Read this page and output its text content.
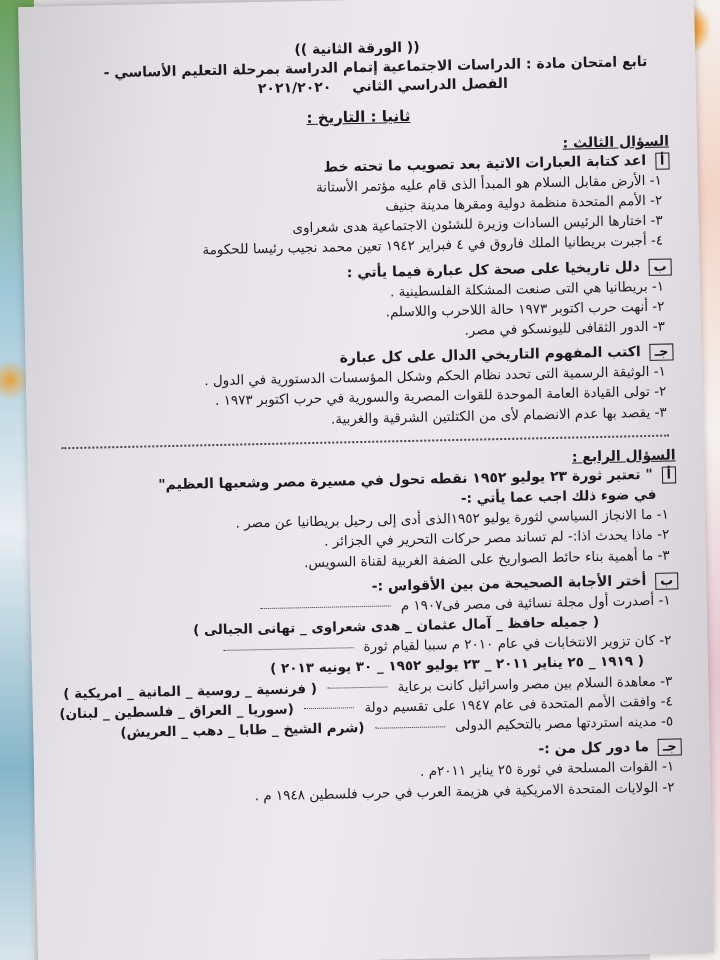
(( الورقة الثانية ))
تابع امتحان مادة : الدراسات الاجتماعية إتمام الدراسة بمرحلة التعليم الأساسي -
الفصل الدراسي الثاني ٢٠٢١/٢٠٢٠
ثانيا : التاريخ :
السؤال الثالث :
أ اعد كتابة العبارات الاتية بعد تصويب ما تحته خط
١- الأرض مقابل السلام هو المبدأ الذى قام عليه مؤتمر الأستانة
٢- الأمم المتحدة منظمة دولية ومقرها مدينة جنيف
٣- اختارها الرئيس السادات وزيرة للشئون الاجتماعية هدى شعراوى
٤- أجبرت بريطانيا الملك فاروق في ٤ فبراير ١٩٤٢ تعين محمد نجيب رئيسا للحكومة
ب دلل تاريخيا على صحة كل عبارة فيما يأتي :
١- بريطانيا هي التى صنعت المشكلة الفلسطينية .
٢- أنهت حرب اكتوبر ١٩٧٣ حالة اللاحرب واللاسلم.
٣- الدور الثقافى لليونسكو في مصر.
جـ اكتب المفهوم التاريخي الدال على كل عبارة
١- الوثيقة الرسمية التى تحدد نظام الحكم وشكل المؤسسات الدستورية في الدول .
٢- تولى القيادة العامة الموحدة للقوات المصرية والسورية في حرب اكتوبر ١٩٧٣ .
٣- يقصد بها عدم الانضمام لأى من الكتلتين الشرقية والغربية.
السؤال الرابع :
أ " تعتبر ثورة ٢٣ يوليو ١٩٥٢ نقطه تحول في مسيرة مصر وشعبها العظيم"
في ضوء ذلك اجب عما يأتي :-
١- ما الانجاز السياسي لثورة يوليو ١٩٥٢الذى أدى إلى رحيل بريطانيا عن مصر .
٢- ماذا يحدث اذا:- لم تساند مصر حركات التحرير في الجزائر .
٣- ما أهمية بناء حائط الصواريخ على الضفة الغربية لقناة السويس.
ب أختر الأجابة الصحيحة من بين الأقواس :-
١- أصدرت أول مجلة نسائية فى مصر فى١٩٠٧ م
( جميله حافظ _ آمال عثمان _ هدى شعراوى _ تهانى الجبالى )
٢- كان تزوير الانتخابات في عام ٢٠١٠ م سببا لقيام ثورة
( ١٩١٩ _ ٢٥ يناير ٢٠١١ _ ٢٣ يوليو ١٩٥٢ _ ٣٠ يونيه ٢٠١٣ )
٣- معاهدة السلام بين مصر واسرائيل كانت برعاية  ( فرنسية _ روسية _ المانية _ امريكية )
٤- وافقت الأمم المتحدة فى عام ١٩٤٧ على تقسيم دولة  (سوريا _ العراق _ فلسطين _ لبنان)
٥- مدينه استردتها مصر بالتحكيم الدولى  (شرم الشيخ _ طابا _ دهب _ العريش)
جـ ما دور كل من :-
١- القوات المسلحة في ثورة ٢٥ يناير ٢٠١١م .
٢- الولايات المتحدة الامريكية في هزيمة العرب في حرب فلسطين ١٩٤٨ م .
